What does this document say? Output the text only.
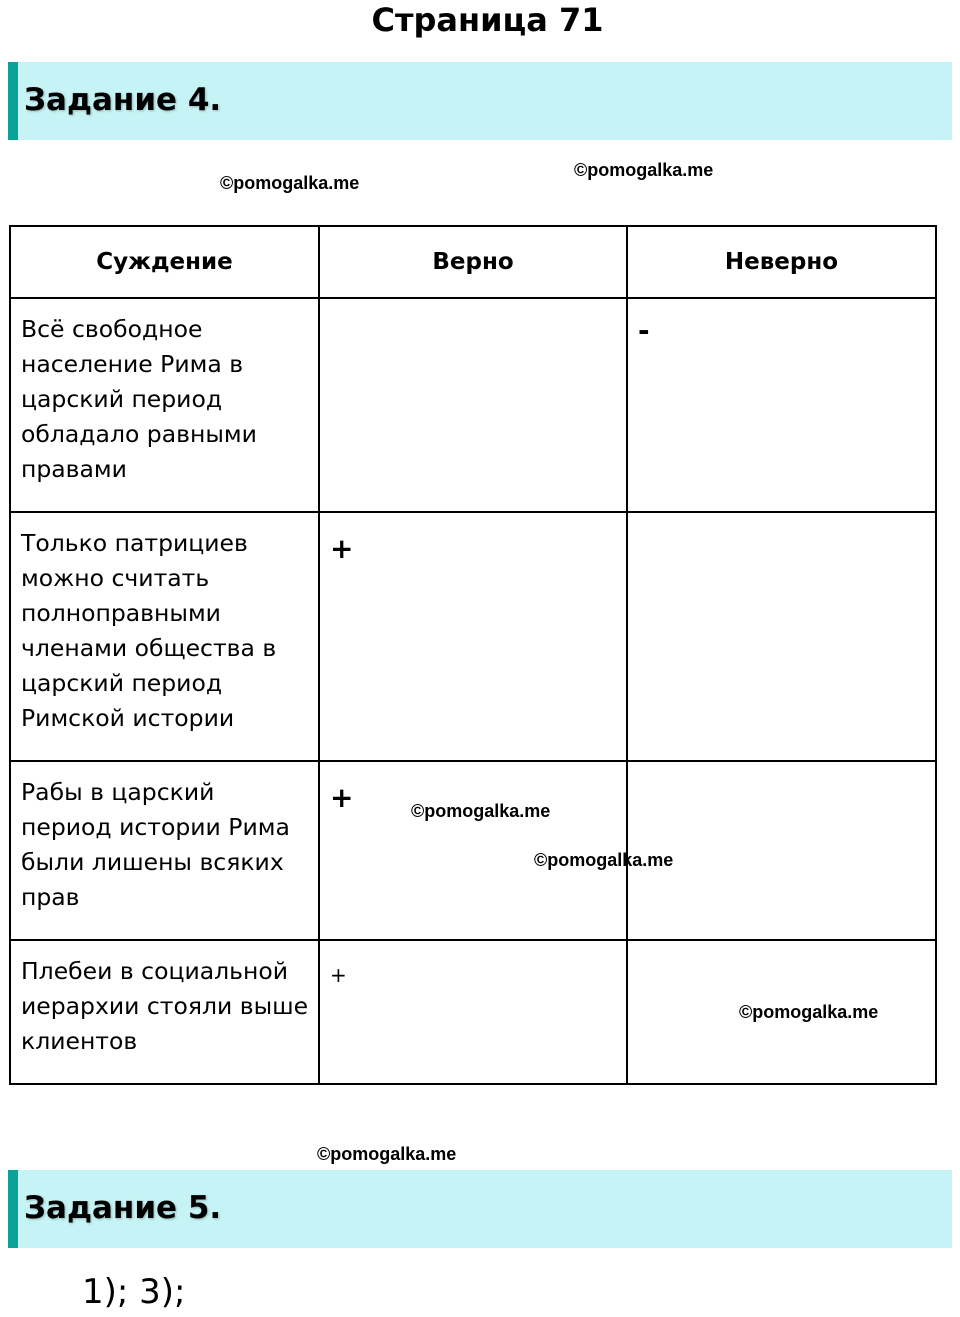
Страница 71
Задание 4.
©pomogalka.me
©pomogalka.me
Суждение	Верно	Неверно

Всё свободное население Рима в царский период обладало равными правами		-

Только патрициев можно считать полноправными членами общества в царский период Римской истории	+	

Рабы в царский период истории Рима были лишены всяких прав	+	

Плебеи в социальной иерархии стояли выше клиентов	+	

©pomogalka.me
©pomogalka.me
©pomogalka.me
©pomogalka.me
Задание 5.
1); 3);
